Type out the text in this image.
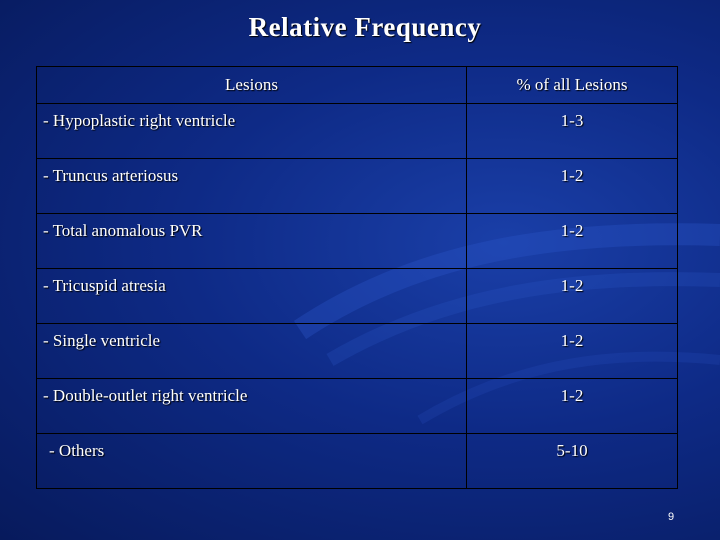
Relative Frequency
Lesions	% of all Lesions
- Hypoplastic right ventricle	1-3
- Truncus arteriosus	1-2
- Total anomalous PVR	1-2
- Tricuspid atresia	1-2
- Single ventricle	1-2
- Double-outlet right ventricle	1-2
- Others	5-10
9
